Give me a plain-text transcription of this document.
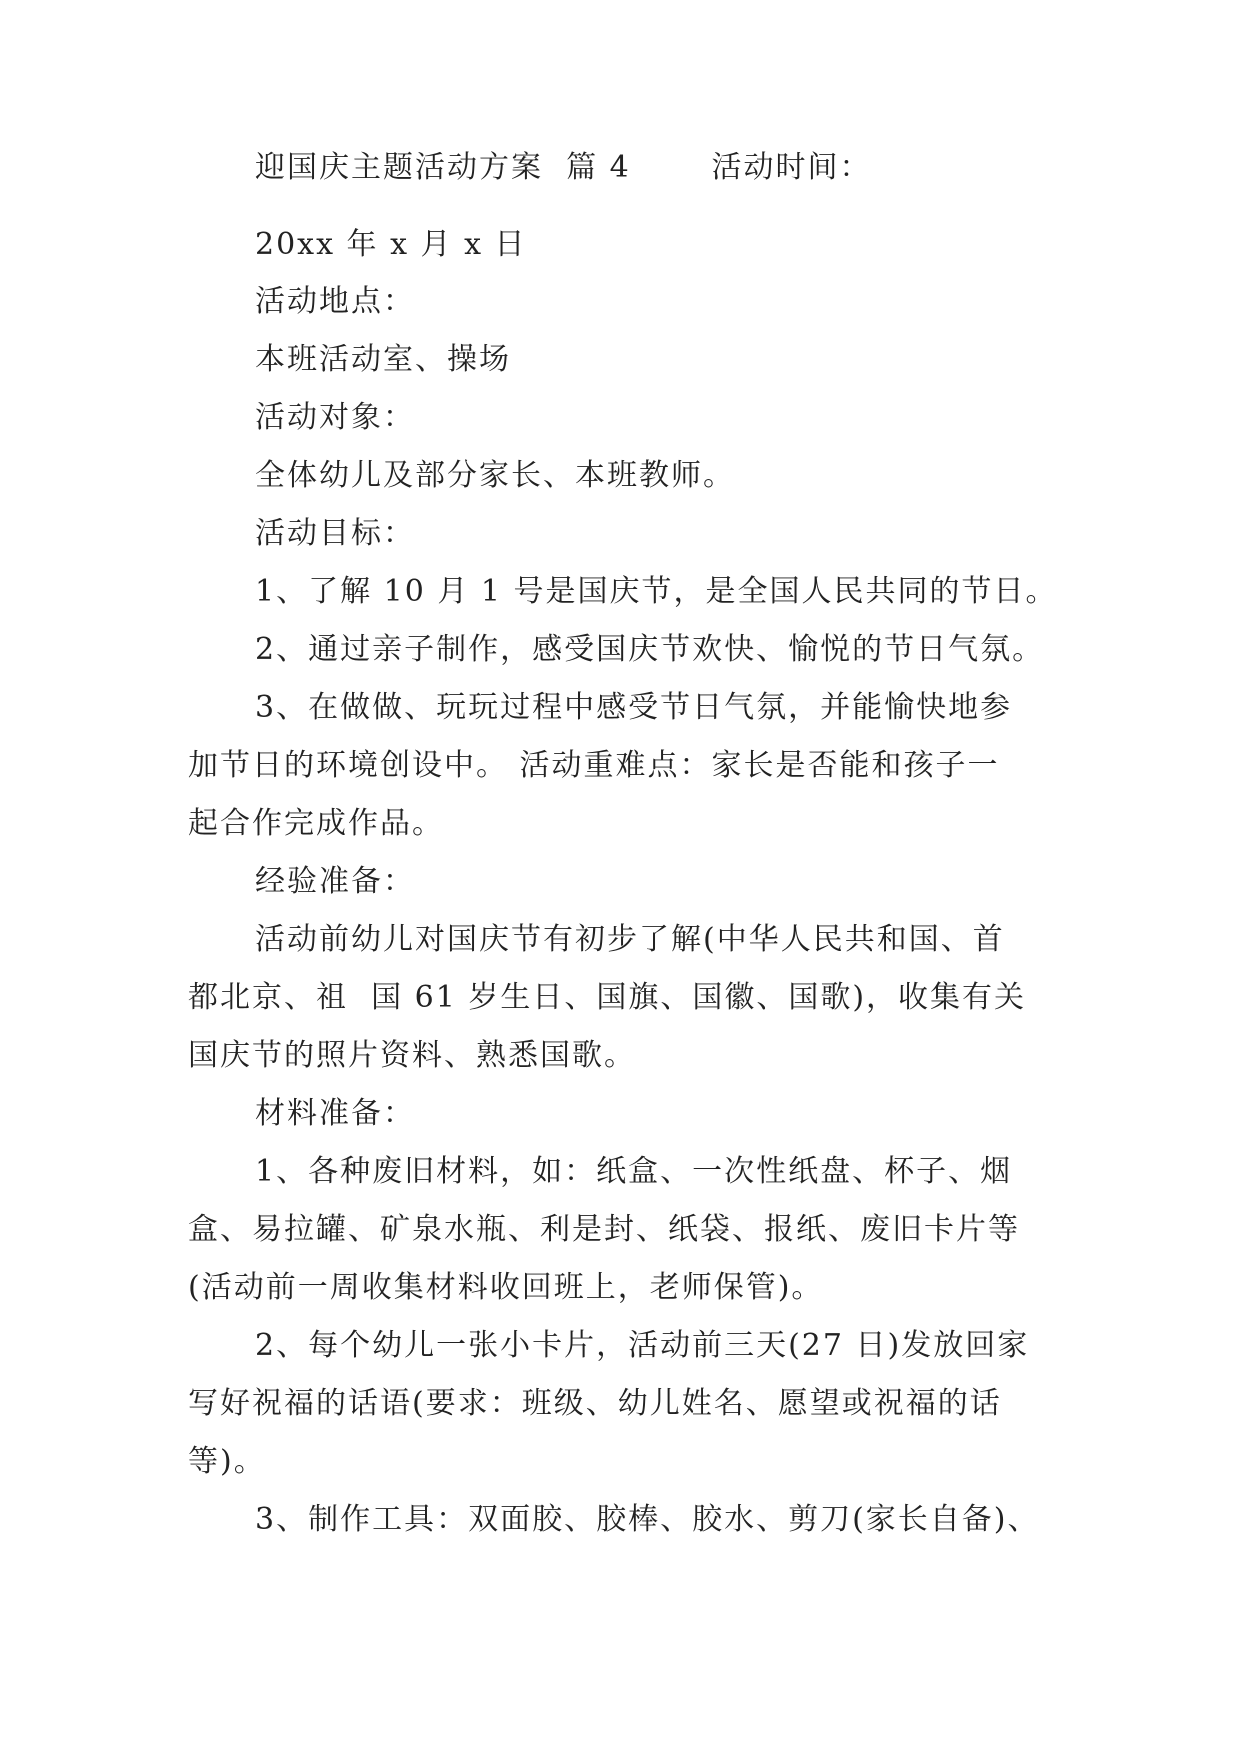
迎国庆主题活动方案  篇 4       活动时间：
20xx 年 x 月 x 日
活动地点：
本班活动室、操场
活动对象：
全体幼儿及部分家长、本班教师。
活动目标：
1、了解 10 月 1 号是国庆节，是全国人民共同的节日。
2、通过亲子制作，感受国庆节欢快、愉悦的节日气氛。
3、在做做、玩玩过程中感受节日气氛，并能愉快地参
加节日的环境创设中。 活动重难点：家长是否能和孩子一
起合作完成作品。
经验准备：
活动前幼儿对国庆节有初步了解(中华人民共和国、首
都北京、祖  国 61 岁生日、国旗、国徽、国歌)，收集有关
国庆节的照片资料、熟悉国歌。
材料准备：
1、各种废旧材料，如：纸盒、一次性纸盘、杯子、烟
盒、易拉罐、矿泉水瓶、利是封、纸袋、报纸、废旧卡片等
(活动前一周收集材料收回班上，老师保管)。
2、每个幼儿一张小卡片，活动前三天(27 日)发放回家
写好祝福的话语(要求：班级、幼儿姓名、愿望或祝福的话
等)。
3、制作工具：双面胶、胶棒、胶水、剪刀(家长自备)、
